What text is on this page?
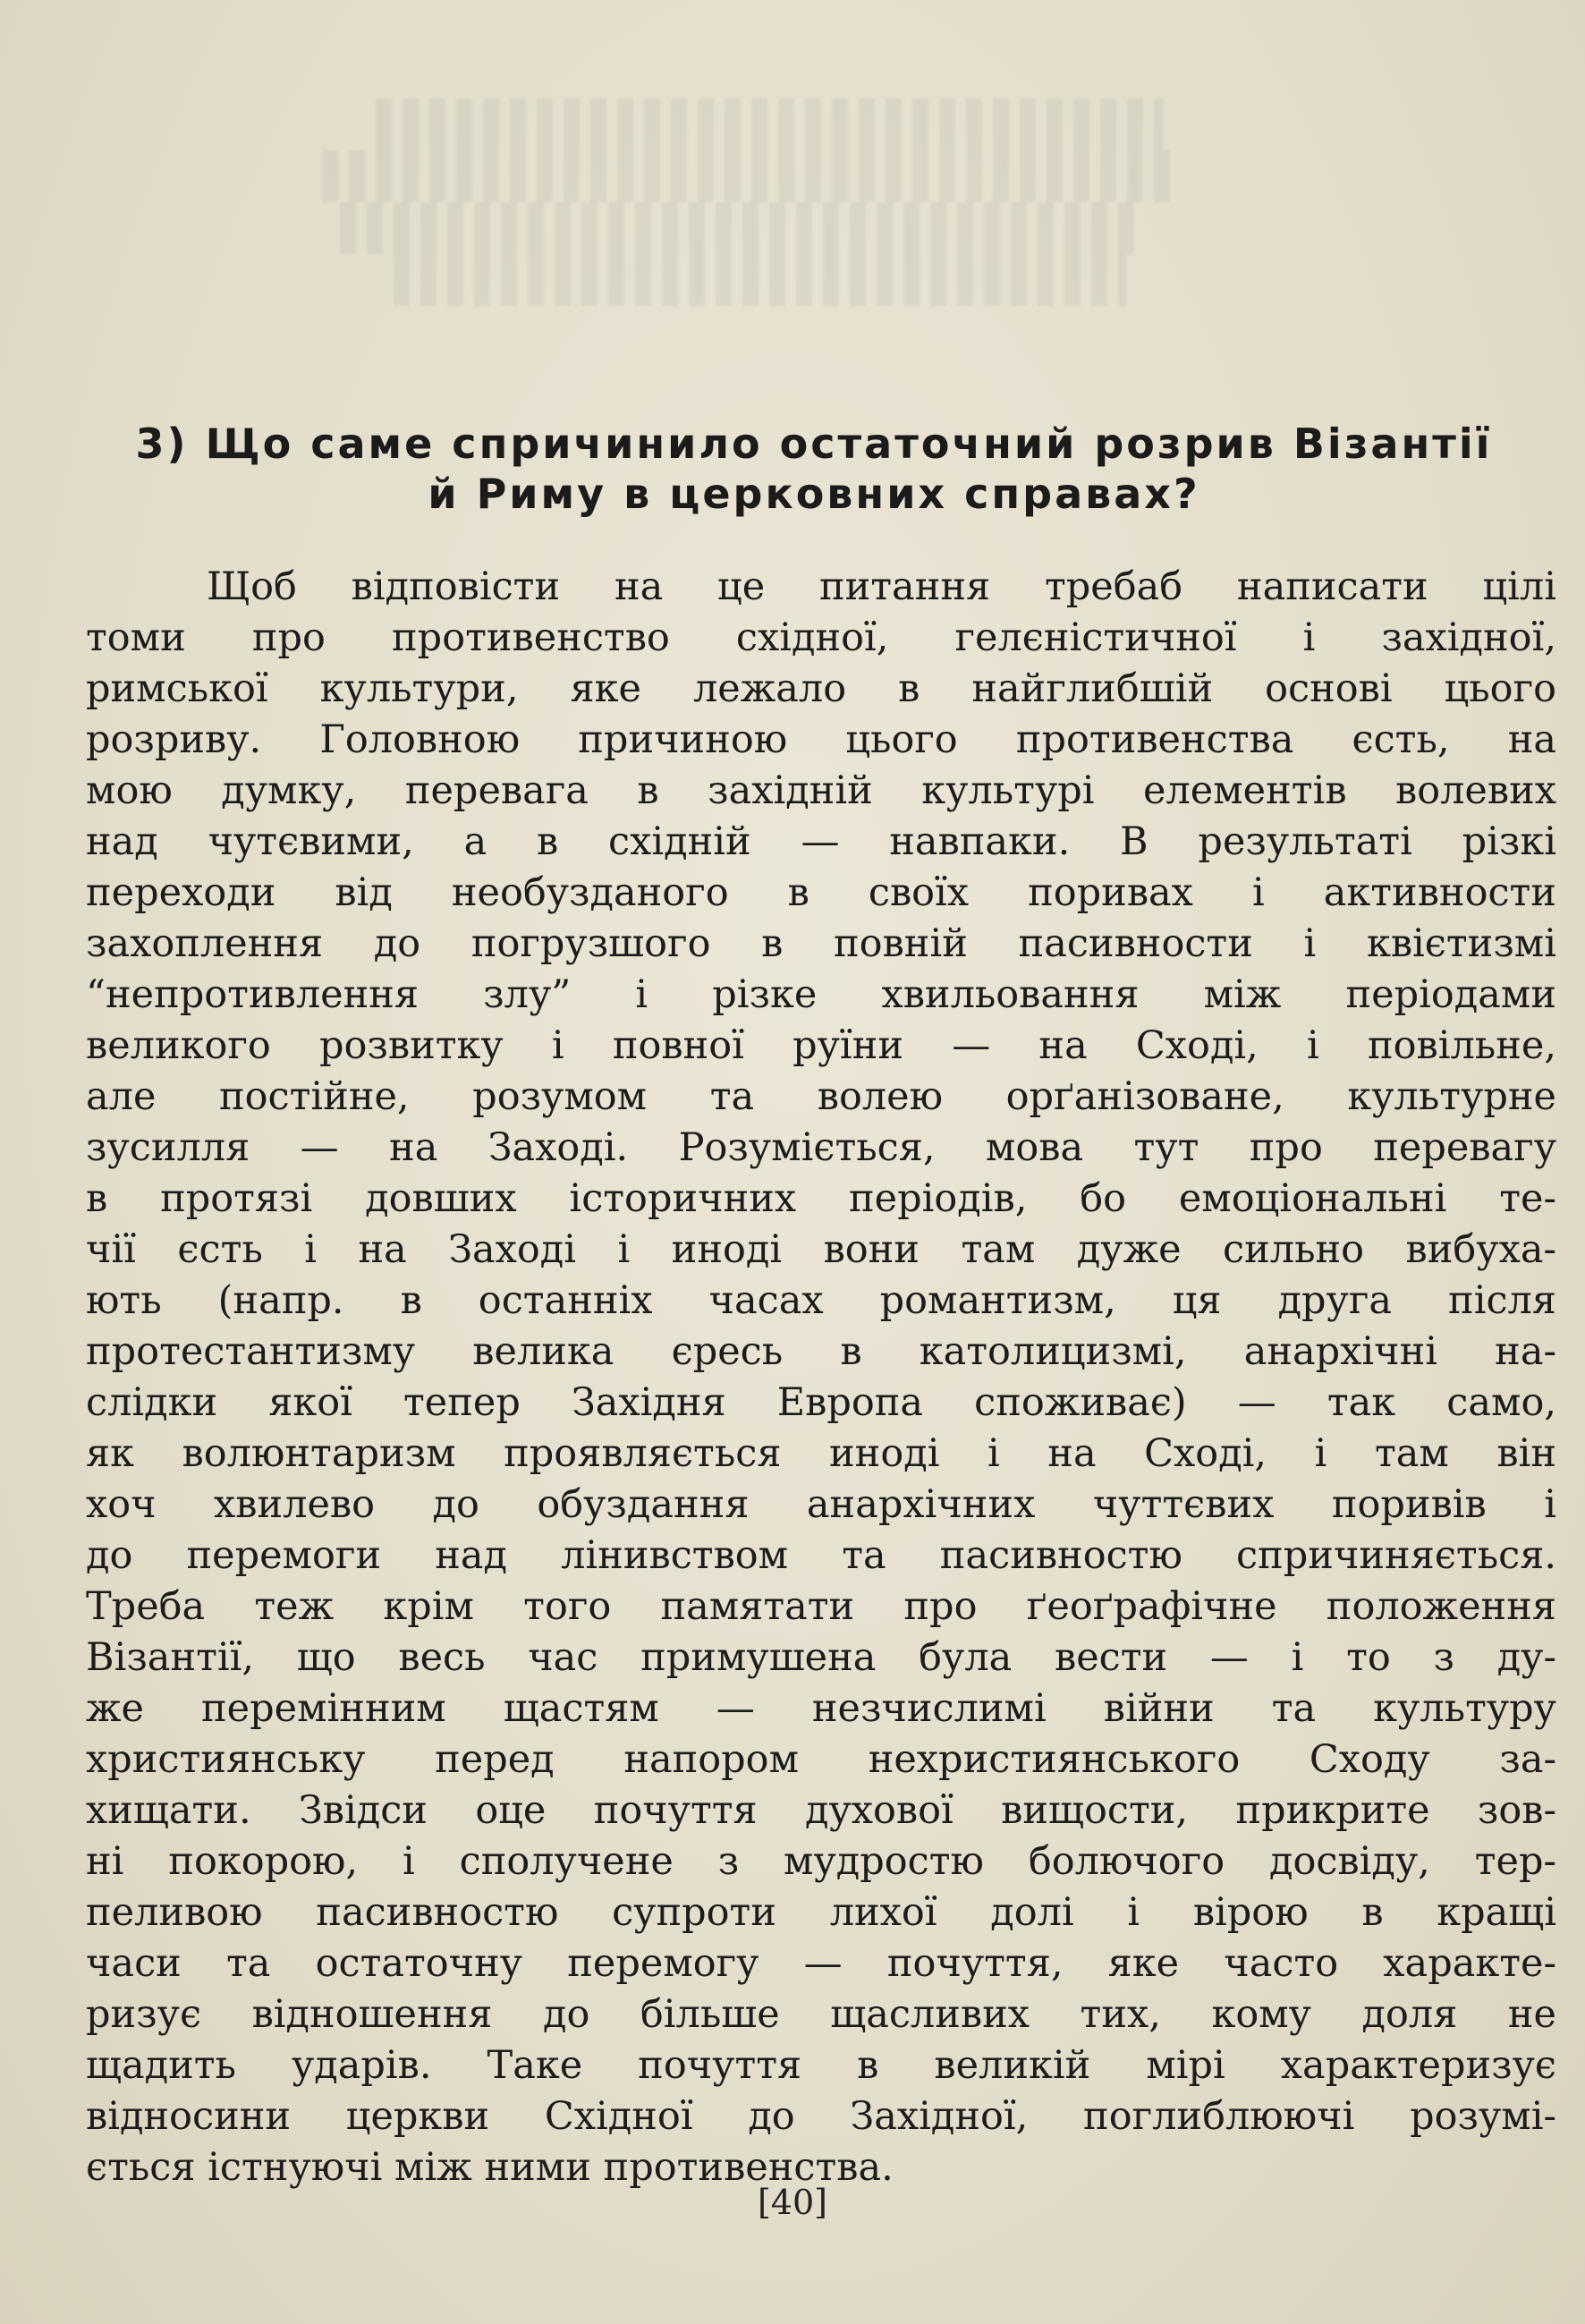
3) Що саме спричинило остаточний розрив Візантії
й Риму в церковних справах?
Щоб відповісти на це питання требаб написати цілі
томи про противенство східної, гелєністичної і західної,
римської культури, яке лежало в найглибшій основі цього
розриву. Головною причиною цього противенства єсть, на
мою думку, перевага в західній культурі елементів волевих
над чутєвими, а в східній — навпаки. В результаті різкі
переходи від необузданого в своїх поривах і активности
захоплення до погрузшого в повній пасивности і квієтизмі
“непротивлення злу” і різке хвильовання між періодами
великого розвитку і повної руїни — на Сході, і повільне,
але постійне, розумом та волею орґанізоване, культурне
зусилля — на Заході. Розуміється, мова тут про перевагу
в протязі довших історичних періодів, бо емоціональні те-
чії єсть і на Заході і иноді вони там дуже сильно вибуха-
ють (напр. в останніх часах романтизм, ця друга після
протестантизму велика єресь в католицизмі, анархічні на-
слідки якої тепер Західня Европа споживає) — так само,
як волюнтаризм проявляється иноді і на Сході, і там він
хоч хвилево до обуздання анархічних чуттєвих поривів і
до перемоги над лінивством та пасивностю спричиняється.
Треба теж крім того памятати про ґеоґрафічне положення
Візантії, що весь час примушена була вести — і то з ду-
же перемінним щастям — незчислимі війни та культуру
християнську перед напором нехристиянського Сходу за-
хищати. Звідси оце почуття духової вищости, прикрите зов-
ні покорою, і сполучене з мудростю болючого досвіду, тер-
пеливою пасивностю супроти лихої долі і вірою в кращі
часи та остаточну перемогу — почуття, яке часто характе-
ризує відношення до більше щасливих тих, кому доля не
щадить ударів. Таке почуття в великій мірі характеризує
відносини церкви Східної до Західної, поглиблюючі розумі-
ється істнуючі між ними противенства.
[40]
